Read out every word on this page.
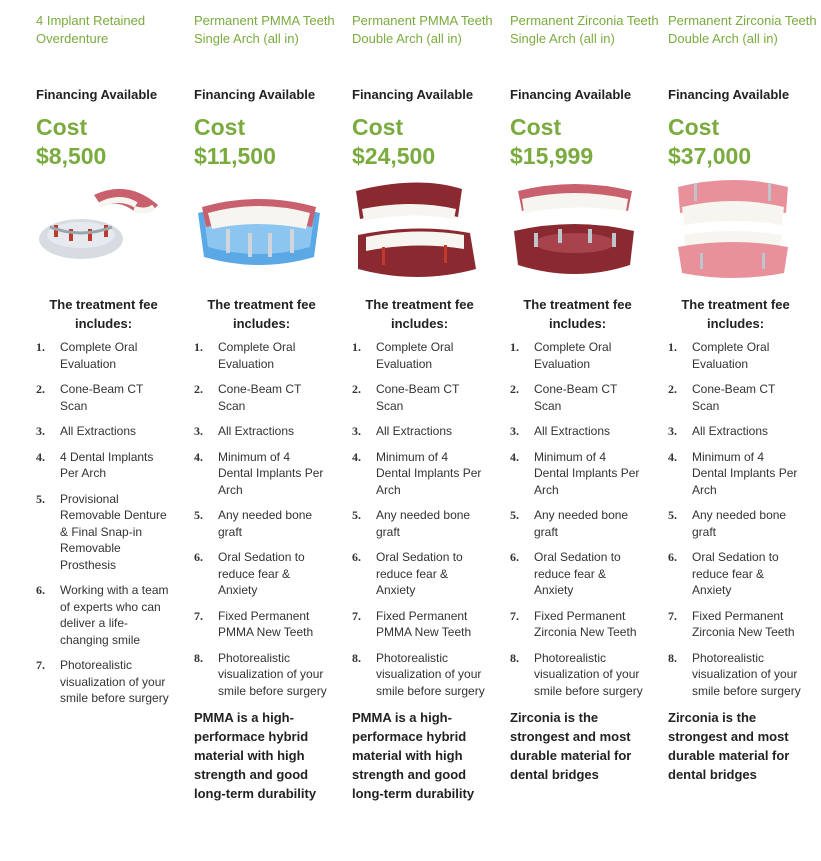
4 Implant Retained Overdenture
Financing Available
Cost
$8,500
The treatment fee includes:
1.	Complete Oral Evaluation
2.	Cone-Beam CT Scan
3.	All Extractions
4.	4 Dental Implants Per Arch
5.	Provisional Removable Denture & Final Snap-in Removable Prosthesis
6.	Working with a team of experts who can deliver a life-changing smile
7.	Photorealistic visualization of your smile before surgery
Permanent PMMA Teeth Single Arch (all in)
Financing Available
Cost
$11,500
The treatment fee includes:
1.	Complete Oral Evaluation
2.	Cone-Beam CT Scan
3.	All Extractions
4.	Minimum of 4 Dental Implants Per Arch
5.	Any needed bone graft
6.	Oral Sedation to reduce fear & Anxiety
7.	Fixed Permanent PMMA New Teeth
8.	Photorealistic visualization of your smile before surgery
PMMA is a high-performace hybrid material with high strength and good long-term durability
Permanent PMMA Teeth Double Arch (all in)
Financing Available
Cost
$24,500
The treatment fee includes:
1.	Complete Oral Evaluation
2.	Cone-Beam CT Scan
3.	All Extractions
4.	Minimum of 4 Dental Implants Per Arch
5.	Any needed bone graft
6.	Oral Sedation to reduce fear & Anxiety
7.	Fixed Permanent PMMA New Teeth
8.	Photorealistic visualization of your smile before surgery
PMMA is a high-performace hybrid material with high strength and good long-term durability
Permanent Zirconia Teeth Single Arch (all in)
Financing Available
Cost
$15,999
The treatment fee includes:
1.	Complete Oral Evaluation
2.	Cone-Beam CT Scan
3.	All Extractions
4.	Minimum of 4 Dental Implants Per Arch
5.	Any needed bone graft
6.	Oral Sedation to reduce fear & Anxiety
7.	Fixed Permanent Zirconia New Teeth
8.	Photorealistic visualization of your smile before surgery
Zirconia is the strongest and most durable material for dental bridges
Permanent Zirconia Teeth Double Arch (all in)
Financing Available
Cost
$37,000
The treatment fee includes:
1.	Complete Oral Evaluation
2.	Cone-Beam CT Scan
3.	All Extractions
4.	Minimum of 4 Dental Implants Per Arch
5.	Any needed bone graft
6.	Oral Sedation to reduce fear & Anxiety
7.	Fixed Permanent Zirconia New Teeth
8.	Photorealistic visualization of your smile before surgery
Zirconia is the strongest and most durable material for dental bridges
